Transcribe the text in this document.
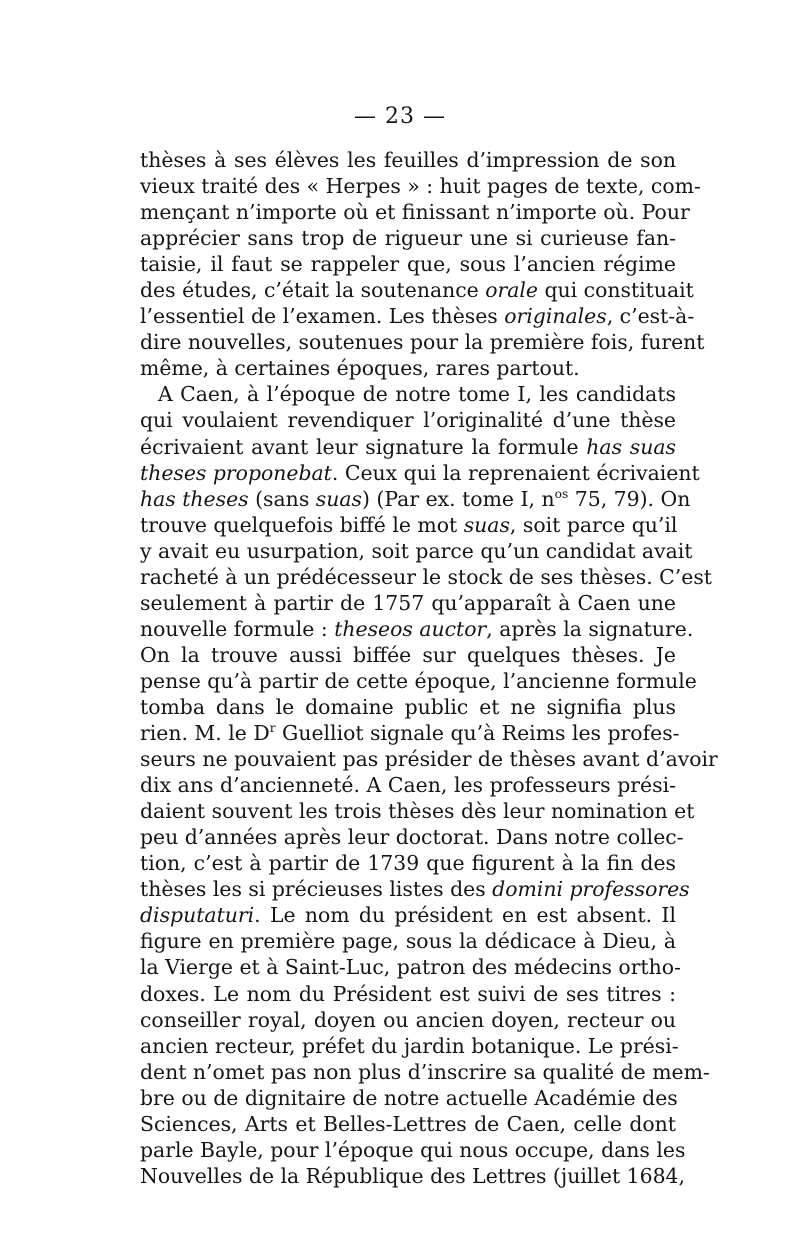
— 23 —
thèses à ses élèves les feuilles d’impression de son
vieux traité des « Herpes » : huit pages de texte, com-
mençant n’importe où et finissant n’importe où. Pour
apprécier sans trop de rigueur une si curieuse fan-
taisie, il faut se rappeler que, sous l’ancien régime
des études, c’était la soutenance orale qui constituait
l’essentiel de l’examen. Les thèses originales, c’est-à-
dire nouvelles, soutenues pour la première fois, furent
même, à certaines époques, rares partout.
A Caen, à l’époque de notre tome I, les candidats
qui voulaient revendiquer l’originalité d’une thèse
écrivaient avant leur signature la formule has suas
theses proponebat. Ceux qui la reprenaient écrivaient
has theses (sans suas) (Par ex. tome I, $n^{os}$ 75, 79). On
trouve quelquefois biffé le mot suas, soit parce qu’il
y avait eu usurpation, soit parce qu’un candidat avait
racheté à un prédécesseur le stock de ses thèses. C’est
seulement à partir de 1757 qu’apparaît à Caen une
nouvelle formule : theseos auctor, après la signature.
On la trouve aussi biffée sur quelques thèses. Je
pense qu’à partir de cette époque, l’ancienne formule
tomba dans le domaine public et ne signifia plus
rien. M. le $D^r$ Guelliot signale qu’à Reims les profes-
seurs ne pouvaient pas présider de thèses avant d’avoir
dix ans d’ancienneté. A Caen, les professeurs prési-
daient souvent les trois thèses dès leur nomination et
peu d’années après leur doctorat. Dans notre collec-
tion, c’est à partir de 1739 que figurent à la fin des
thèses les si précieuses listes des domini professores
disputaturi. Le nom du président en est absent. Il
figure en première page, sous la dédicace à Dieu, à
la Vierge et à Saint-Luc, patron des médecins ortho-
doxes. Le nom du Président est suivi de ses titres :
conseiller royal, doyen ou ancien doyen, recteur ou
ancien recteur, préfet du jardin botanique. Le prési-
dent n’omet pas non plus d’inscrire sa qualité de mem-
bre ou de dignitaire de notre actuelle Académie des
Sciences, Arts et Belles-Lettres de Caen, celle dont
parle Bayle, pour l’époque qui nous occupe, dans les
Nouvelles de la République des Lettres (juillet 1684,
